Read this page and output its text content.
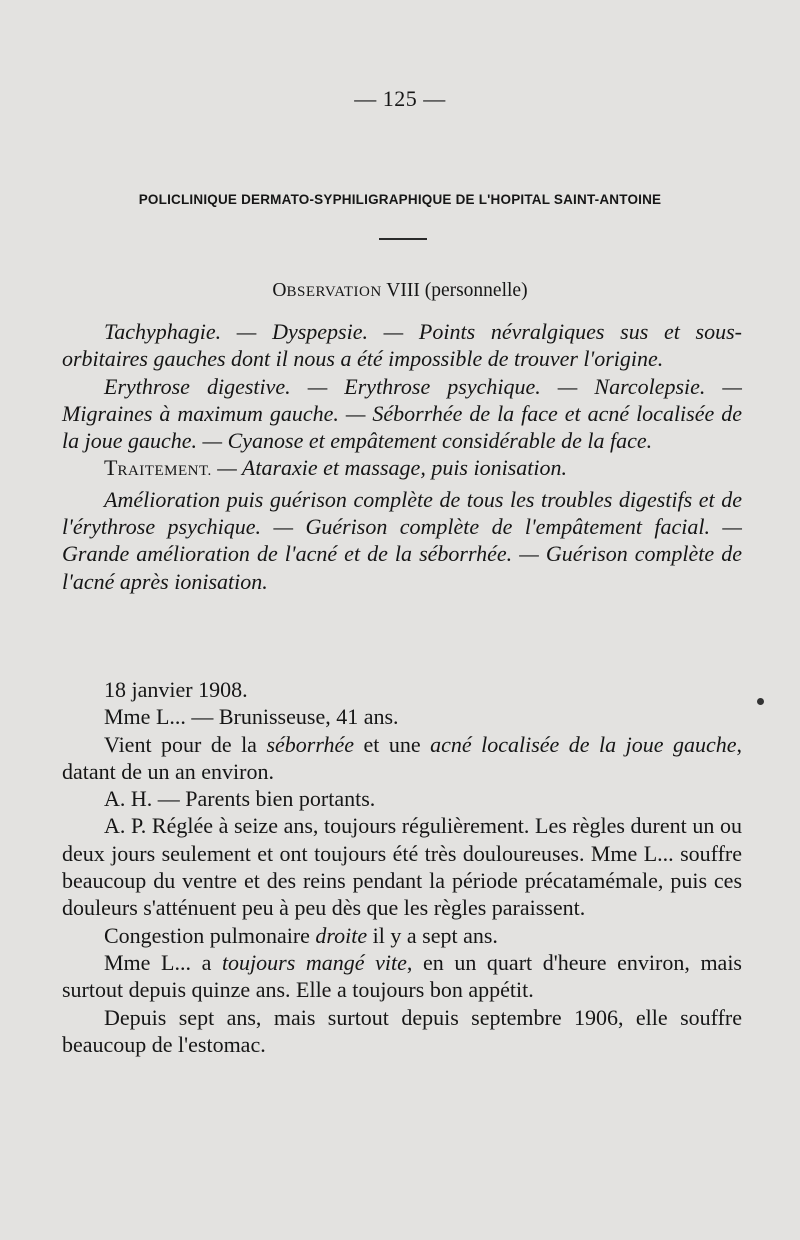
— 125 —
POLICLINIQUE DERMATO-SYPHILIGRAPHIQUE DE L'HOPITAL SAINT-ANTOINE
OBSERVATION VIII (personnelle)

Tachyphagie. — Dyspepsie. — Points névralgiques sus et sous-orbitaires gauches dont il nous a été impossible de trouver l'origine.

Erythrose digestive. — Erythrose psychique. — Narcolepsie. — Migraines à maximum gauche. — Séborrhée de la face et acné localisée de la joue gauche. — Cyanose et empâtement considérable de la face.

TRAITEMENT. — Ataraxie et massage, puis ionisation.

Amélioration puis guérison complète de tous les troubles digestifs et de l'érythrose psychique. — Guérison complète de l'empâtement facial. — Grande amélioration de l'acné et de la séborrhée. — Guérison complète de l'acné après ionisation.

18 janvier 1908.

Mme L... — Brunisseuse, 41 ans.

Vient pour de la séborrhée et une acné localisée de la joue gauche, datant de un an environ.

A. H. — Parents bien portants.

A. P. Réglée à seize ans, toujours régulièrement. Les règles durent un ou deux jours seulement et ont toujours été très douloureuses. Mme L... souffre beaucoup du ventre et des reins pendant la période précatamémale, puis ces douleurs s'atténuent peu à peu dès que les règles paraissent.

Congestion pulmonaire droite il y a sept ans.

Mme L... a toujours mangé vite, en un quart d'heure environ, mais surtout depuis quinze ans. Elle a toujours bon appétit.

Depuis sept ans, mais surtout depuis septembre 1906, elle souffre beaucoup de l'estomac.
